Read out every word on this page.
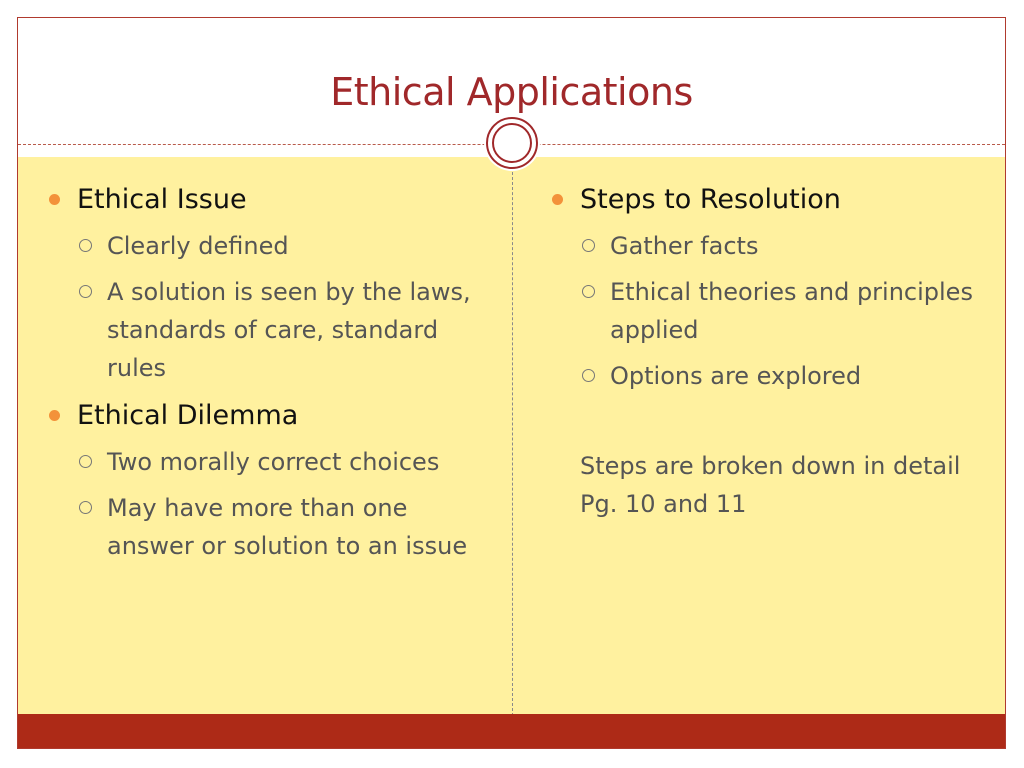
Ethical Applications
Ethical Issue
Clearly defined
A solution is seen by the laws, standards of care, standard rules
Ethical Dilemma
Two morally correct choices
May have more than one answer or solution to an issue
Steps to Resolution
Gather facts
Ethical theories and principles applied
Options are explored
Steps are broken down in detail Pg. 10 and 11
